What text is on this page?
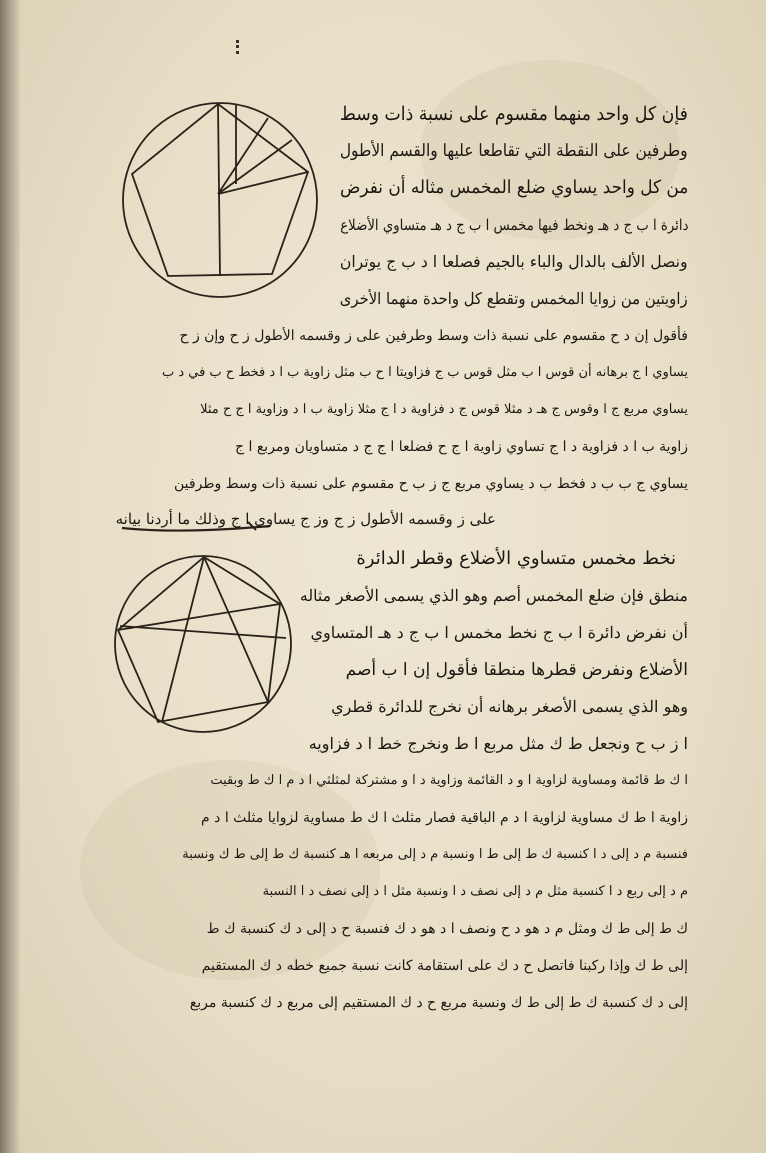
فإن كل واحد منهما مقسوم على نسبة ذات وسط
وطرفين على النقطة التي تقاطعا عليها والقسم الأطول
من كل واحد يساوي ضلع المخمس مثاله أن نفرض
دائرة ا ب ج د هـ ونخط فيها مخمس ا ب ج د هـ متساوي الأضلاع
ونصل الألف بالدال والباء بالجيم فصلعا ا د ب ج يوتران
زاويتين من زوايا المخمس وتقطع كل واحدة منهما الأخرى
فأقول إن د ح مقسوم على نسبة ذات وسط وطرفين على ز وقسمه الأطول ز ح وإن ز ح
يساوي ا ج برهانه أن قوس ا ب مثل قوس ب ج فزاويتا ا ح ب مثل زاوية ب ا د فخط ح ب في د ب
يساوي مربع ج ا وقوس ج هـ د مثلا قوس ج د فزاوية د ا ج مثلا زاوية ب ا د وزاوية ا ج ح مثلا
زاوية ب ا د فزاوية د ا ج تساوي زاوية ا ج ح فضلعا ا ج ج د متساويان ومربع ا ج
يساوي ج ب ب د فخط ب د يساوي مربع ج ز ب ح مقسوم على نسبة ذات وسط وطرفين
على ز وقسمه الأطول ز ج وز ج يساوي ا ج وذلك ما أردنا بيانه
نخط مخمس متساوي الأضلاع وقطر الدائرة
منطق فإن ضلع المخمس أصم وهو الذي يسمى الأصغر مثاله
أن نفرض دائرة ا ب ج نخط مخمس ا ب ج د هـ المتساوي
الأضلاع ونفرض قطرها منطقا فأقول إن ا ب أصم
وهو الذي يسمى الأصغر برهانه أن نخرج للدائرة قطري
ا ز ب ح ونجعل ط ك مثل مربع ا ط ونخرج خط ا د فزاويه
ا ك ط قائمة ومساوية لزاوية ا و د القائمة وزاوية د ا و مشتركة لمثلثي ا د م ا ك ط وبقيت
زاوية ا ط ك مساوية لزاوية ا د م الباقية فصار مثلث ا ك ط مساوية لزوايا مثلث ا د م
فنسبة م د إلى د ا كنسبة ك ط إلى ط ا ونسبة م د إلى مربعه ا هـ كنسبة ك ط إلى ط ك ونسبة
م د إلى ربع د ا كنسبة مثل م د إلى نصف د ا ونسبة مثل ا د إلى نصف د ا النسبة
ك ط إلى ط ك ومثل م د هو د ح ونصف ا د هو د ك فنسبة ح د إلى د ك كنسبة ك ط
إلى ط ك وإذا ركبنا فاتصل ح د ك على استقامة كانت نسبة جميع خطه د ك المستقيم
إلى د ك كنسبة ك ط إلى ط ك ونسبة مربع ح د ك المستقيم إلى مربع د ك كنسبة مربع
